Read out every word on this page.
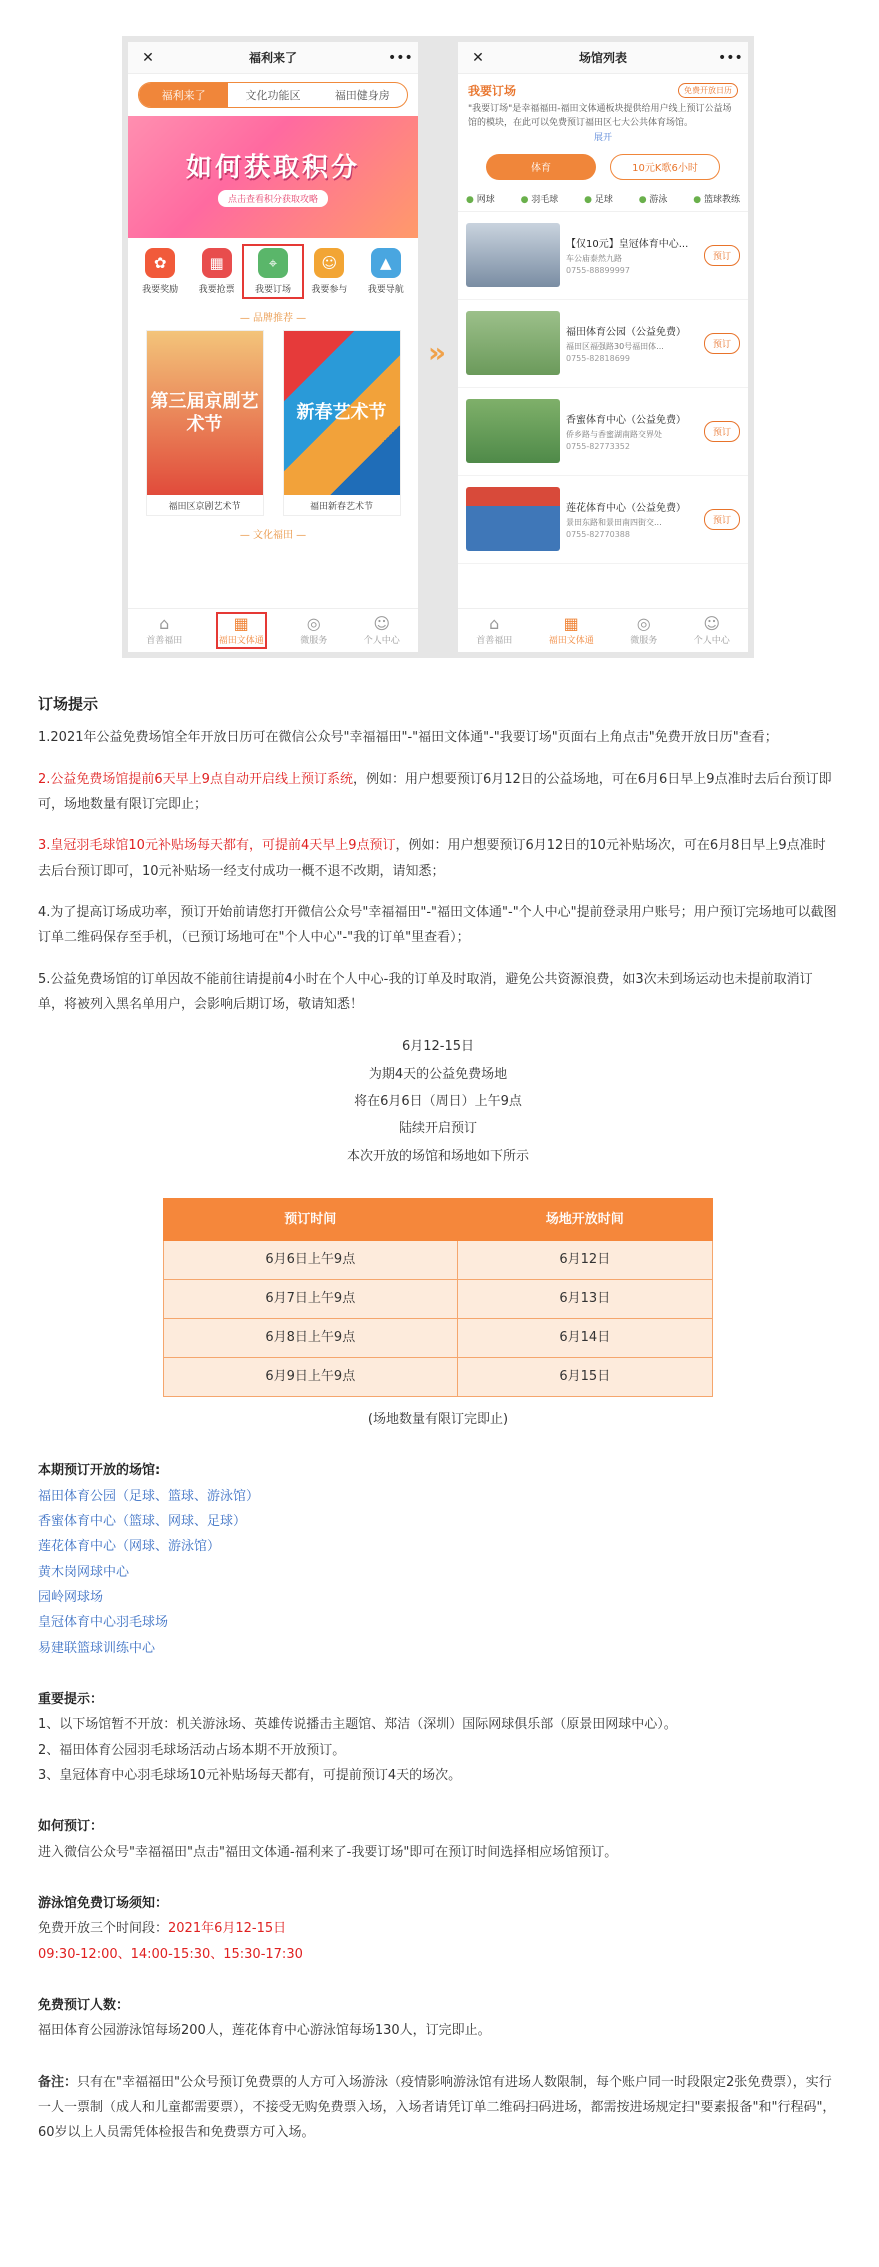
✕	福利来了	•••
福利来了	文化功能区	福田健身房
如何获取积分
点击查看积分获取攻略
✿
我要奖励
▦
我要抢票
⌖
我要订场
☺
我要参与
▲
我要导航
— 品牌推荐 —
第三届京剧艺术节
福田区京剧艺术节
新春艺术节
福田新春艺术节
— 文化福田 —
⌂
首善福田
▦
福田文体通
◎
微服务
☺
个人中心
»
✕	场馆列表	•••
我要订场	免费开放日历
"我要订场"是幸福福田-福田文体通板块提供给用户线上预订公益场馆的模块，在此可以免费预订福田区七大公共体育场馆。
展开
体育	10元K歌6小时
● 网球	● 羽毛球	● 足球	● 游泳	● 篮球教练
【仅10元】皇冠体育中心...
车公庙泰然九路
0755-88899997
预订
福田体育公园（公益免费）
福田区福强路30号福田体...
0755-82818699
预订
香蜜体育中心（公益免费）
侨乡路与香蜜湖南路交界处
0755-82773352
预订
莲花体育中心（公益免费）
景田东路和景田南四街交...
0755-82770388
预订
⌂
首善福田
▦
福田文体通
◎
微服务
☺
个人中心
订场提示

1.2021年公益免费场馆全年开放日历可在微信公众号"幸福福田"-"福田文体通"-"我要订场"页面右上角点击"免费开放日历"查看；

2.公益免费场馆提前6天早上9点自动开启线上预订系统，例如：用户想要预订6月12日的公益场地，可在6月6日早上9点准时去后台预订即可，场地数量有限订完即止；

3.皇冠羽毛球馆10元补贴场每天都有，可提前4天早上9点预订，例如：用户想要预订6月12日的10元补贴场次，可在6月8日早上9点准时去后台预订即可，10元补贴场一经支付成功一概不退不改期，请知悉；

4.为了提高订场成功率，预订开始前请您打开微信公众号"幸福福田"-"福田文体通"-"个人中心"提前登录用户账号；用户预订完场地可以截图订单二维码保存至手机，（已预订场地可在"个人中心"-"我的订单"里查看）；

5.公益免费场馆的订单因故不能前往请提前4小时在个人中心-我的订单及时取消，避免公共资源浪费，如3次未到场运动也未提前取消订单，将被列入黑名单用户，会影响后期订场，敬请知悉！

6月12-15日
为期4天的公益免费场地
将在6月6日（周日）上午9点
陆续开启预订
本次开放的场馆和场地如下所示
预订时间	场地开放时间
6月6日上午9点	6月12日
6月7日上午9点	6月13日
6月8日上午9点	6月14日
6月9日上午9点	6月15日
(场地数量有限订完即止)
本期预订开放的场馆:
福田体育公园（足球、篮球、游泳馆）
香蜜体育中心（篮球、网球、足球）
莲花体育中心（网球、游泳馆）
黄木岗网球中心
园岭网球场
皇冠体育中心羽毛球场
易建联篮球训练中心
重要提示：
1、以下场馆暂不开放：机关游泳场、英雄传说播击主题馆、郑洁（深圳）国际网球俱乐部（原景田网球中心）。
2、福田体育公园羽毛球场活动占场本期不开放预订。
3、皇冠体育中心羽毛球场10元补贴场每天都有，可提前预订4天的场次。
如何预订：
进入微信公众号"幸福福田"点击"福田文体通-福利来了-我要订场"即可在预订时间选择相应场馆预订。
游泳馆免费订场须知：
免费开放三个时间段：2021年6月12-15日
09:30-12:00、14:00-15:30、15:30-17:30
免费预订人数：
福田体育公园游泳馆每场200人，莲花体育中心游泳馆每场130人，订完即止。

备注：只有在"幸福福田"公众号预订免费票的人方可入场游泳（疫情影响游泳馆有进场人数限制，每个账户同一时段限定2张免费票），实行一人一票制（成人和儿童都需要票），不接受无购免费票入场，入场者请凭订单二维码扫码进场，都需按进场规定扫"要素报备"和"行程码"，60岁以上人员需凭体检报告和免费票方可入场。
